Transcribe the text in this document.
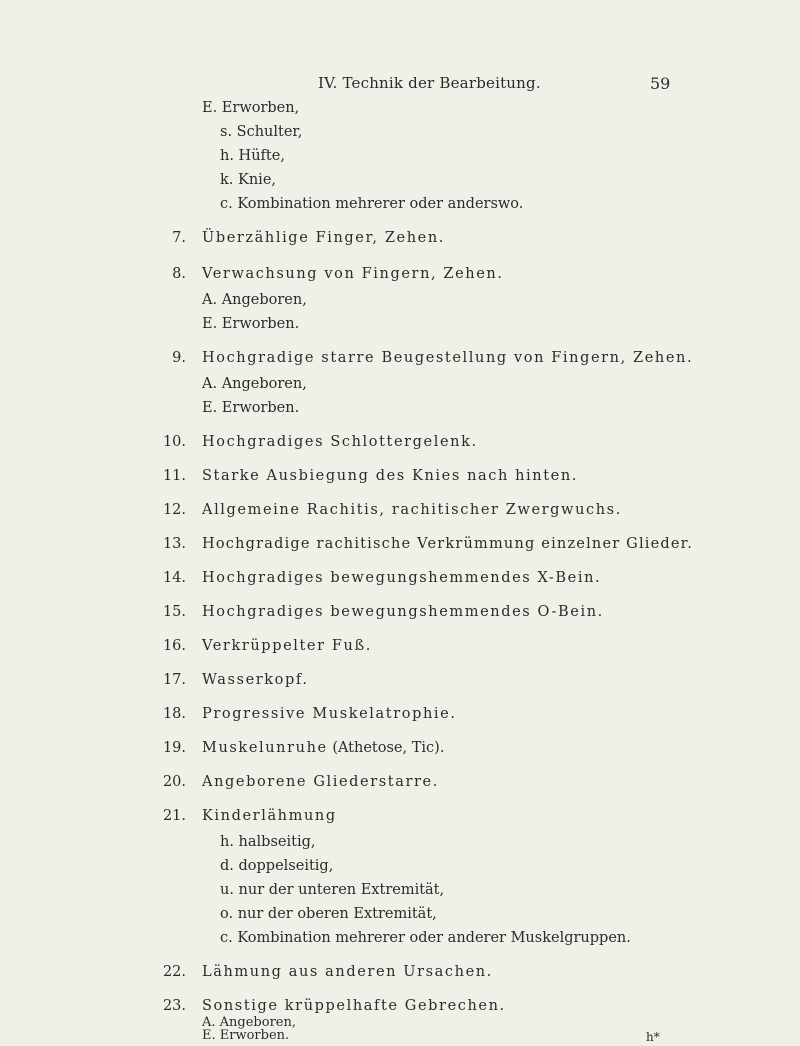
IV. Technik der Bearbeitung.	59
E. Erworben,
s. Schulter,
h. Hüfte,
k. Knie,
c. Kombination mehrerer oder anderswo.
7. Überzählige Finger, Zehen.
8. Verwachsung von Fingern, Zehen.
A. Angeboren,
E. Erworben.
9. Hochgradige starre Beugestellung von Fingern, Zehen.
A. Angeboren,
E. Erworben.
10. Hochgradiges Schlottergelenk.
11. Starke Ausbiegung des Knies nach hinten.
12. Allgemeine Rachitis, rachitischer Zwergwuchs.
13. Hochgradige rachitische Verkrümmung einzelner Glieder.
14. Hochgradiges bewegungshemmendes X-Bein.
15. Hochgradiges bewegungshemmendes O-Bein.
16. Verkrüppelter Fuß.
17. Wasserkopf.
18. Progressive Muskelatrophie.
19. Muskelunruhe (Athetose, Tic).
20. Angeborene Gliederstarre.
21. Kinderlähmung
h. halbseitig,
d. doppelseitig,
u. nur der unteren Extremität,
o. nur der oberen Extremität,
c. Kombination mehrerer oder anderer Muskelgruppen.
22. Lähmung aus anderen Ursachen.
23. Sonstige krüppelhafte Gebrechen.
A. Angeboren,
E. Erworben.	h*
